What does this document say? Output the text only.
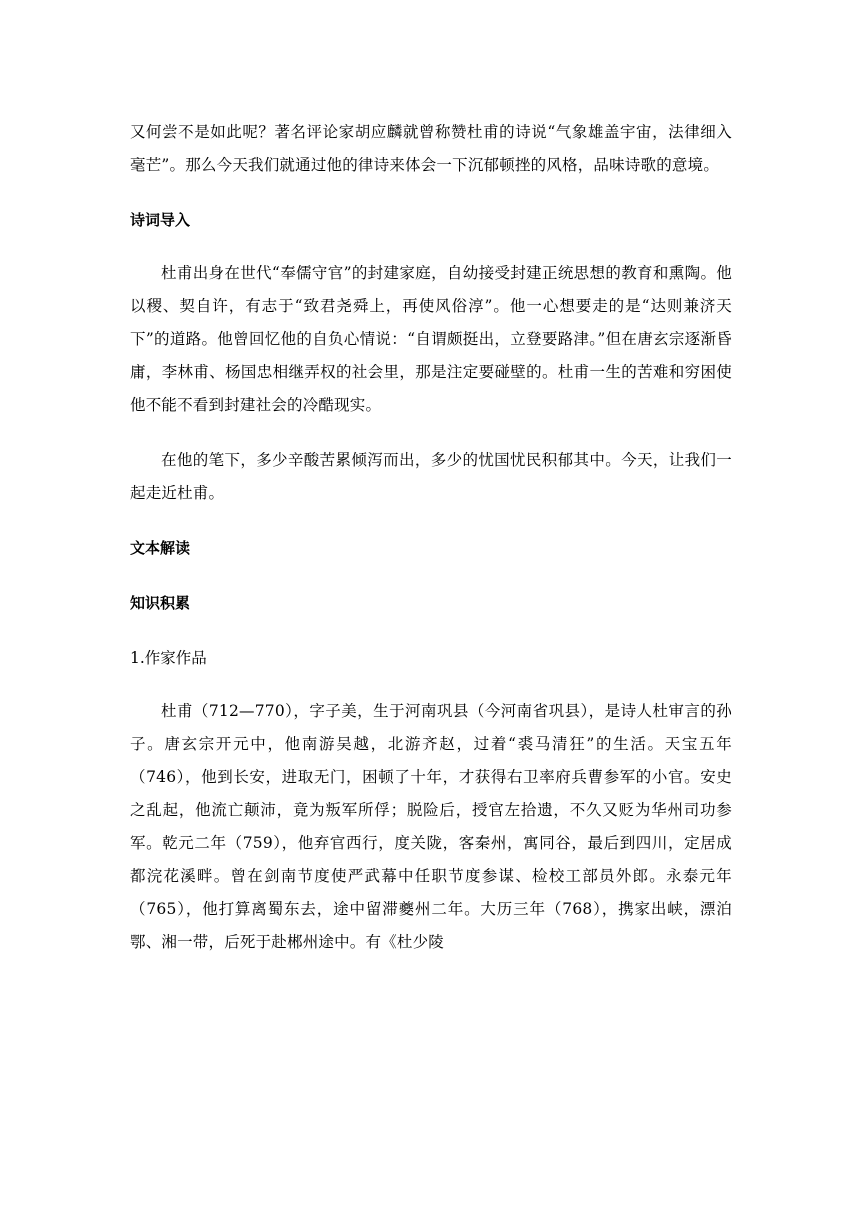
又何尝不是如此呢？著名评论家胡应麟就曾称赞杜甫的诗说“气象雄盖宇宙，法律细入毫芒”。那么今天我们就通过他的律诗来体会一下沉郁顿挫的风格，品味诗歌的意境。

诗词导入

杜甫出身在世代“奉儒守官”的封建家庭，自幼接受封建正统思想的教育和熏陶。他以稷、契自许，有志于“致君尧舜上，再使风俗淳”。他一心想要走的是“达则兼济天下”的道路。他曾回忆他的自负心情说：“自谓颇挺出，立登要路津。”但在唐玄宗逐渐昏庸，李林甫、杨国忠相继弄权的社会里，那是注定要碰壁的。杜甫一生的苦难和穷困使他不能不看到封建社会的冷酷现实。

在他的笔下，多少辛酸苦累倾泻而出，多少的忧国忧民积郁其中。今天，让我们一起走近杜甫。

文本解读

知识积累

1.作家作品

杜甫（712—770），字子美，生于河南巩县（今河南省巩县），是诗人杜审言的孙子。唐玄宗开元中，他南游吴越，北游齐赵，过着“裘马清狂”的生活。天宝五年（746），他到长安，进取无门，困顿了十年，才获得右卫率府兵曹参军的小官。安史之乱起，他流亡颠沛，竟为叛军所俘；脱险后，授官左拾遗，不久又贬为华州司功参军。乾元二年（759），他弃官西行，度关陇，客秦州，寓同谷，最后到四川，定居成都浣花溪畔。曾在剑南节度使严武幕中任职节度参谋、检校工部员外郎。永泰元年（765），他打算离蜀东去，途中留滞夔州二年。大历三年（768），携家出峡，漂泊鄂、湘一带，后死于赴郴州途中。有《杜少陵
